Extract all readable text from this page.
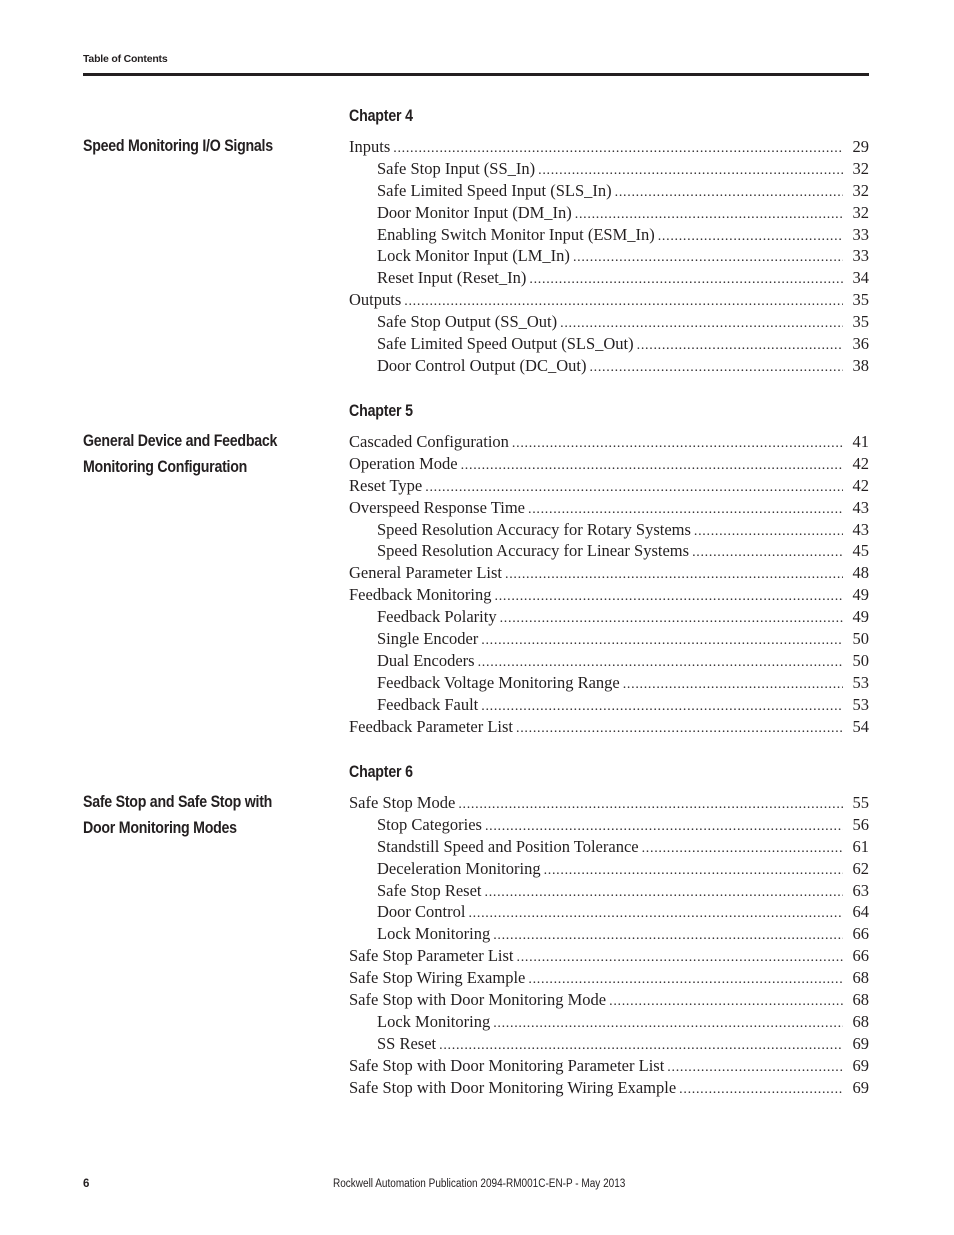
Table of Contents
Chapter 4
Speed Monitoring I/O Signals	Inputs . . .	29
Safe Stop Input (SS_In) . . .	32
Safe Limited Speed Input (SLS_In) . . .	32
Door Monitor Input (DM_In) . . .	32
Enabling Switch Monitor Input (ESM_In) . . .	33
Lock Monitor Input (LM_In) . . .	33
Reset Input (Reset_In) . . .	34
Outputs . . .	35
Safe Stop Output (SS_Out) . . .	35
Safe Limited Speed Output (SLS_Out) . . .	36
Door Control Output (DC_Out) . . .	38
Chapter 5
General Device and Feedback
Monitoring Configuration
Cascaded Configuration . . .	41
Operation Mode . . .	42
Reset Type . . .	42
Overspeed Response Time . . .	43
Speed Resolution Accuracy for Rotary Systems . . .	43
Speed Resolution Accuracy for Linear Systems . . .	45
General Parameter List . . .	48
Feedback Monitoring . . .	49
Feedback Polarity . . .	49
Single Encoder . . .	50
Dual Encoders . . .	50
Feedback Voltage Monitoring Range . . .	53
Feedback Fault . . .	53
Feedback Parameter List . . .	54
Chapter 6
Safe Stop and Safe Stop with
Door Monitoring Modes
Safe Stop Mode . . .	55
Stop Categories . . .	56
Standstill Speed and Position Tolerance . . .	61
Deceleration Monitoring . . .	62
Safe Stop Reset . . .	63
Door Control . . .	64
Lock Monitoring . . .	66
Safe Stop Parameter List . . .	66
Safe Stop Wiring Example . . .	68
Safe Stop with Door Monitoring Mode . . .	68
Lock Monitoring . . .	68
SS Reset . . .	69
Safe Stop with Door Monitoring Parameter List . . .	69
Safe Stop with Door Monitoring Wiring Example . . .	69
6	Rockwell Automation Publication 2094-RM001C-EN-P - May 2013
